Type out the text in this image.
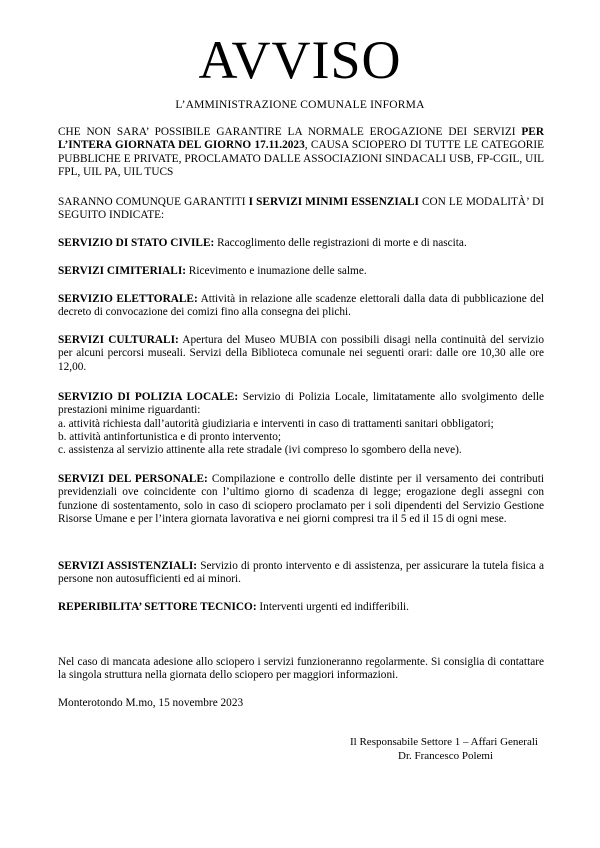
AVVISO
L’AMMINISTRAZIONE COMUNALE INFORMA
CHE NON SARA’ POSSIBILE GARANTIRE LA NORMALE EROGAZIONE DEI SERVIZI PER L’INTERA GIORNATA DEL GIORNO 17.11.2023, CAUSA SCIOPERO DI TUTTE LE CATEGORIE PUBBLICHE E PRIVATE, PROCLAMATO DALLE ASSOCIAZIONI SINDACALI USB, FP-CGIL, UIL FPL, UIL PA, UIL TUCS
SARANNO COMUNQUE GARANTITI I SERVIZI MINIMI ESSENZIALI CON LE MODALITÀ’ DI SEGUITO INDICATE:
SERVIZIO DI STATO CIVILE: Raccoglimento delle registrazioni di morte e di nascita.
SERVIZI CIMITERIALI: Ricevimento e inumazione delle salme.
SERVIZIO ELETTORALE: Attività in relazione alle scadenze elettorali dalla data di pubblicazione del decreto di convocazione dei comizi fino alla consegna dei plichi.
SERVIZI CULTURALI: Apertura del Museo MUBIA con possibili disagi nella continuità del servizio per alcuni percorsi museali. Servizi della Biblioteca comunale nei seguenti orari: dalle ore 10,30 alle ore 12,00.
SERVIZIO DI POLIZIA LOCALE: Servizio di Polizia Locale, limitatamente allo svolgimento delle prestazioni minime riguardanti:
a. attività richiesta dall’autorità giudiziaria e interventi in caso di trattamenti sanitari obbligatori;
b. attività antinfortunistica e di pronto intervento;
c. assistenza al servizio attinente alla rete stradale (ivi compreso lo sgombero della neve).
SERVIZI DEL PERSONALE: Compilazione e controllo delle distinte per il versamento dei contributi previdenziali ove coincidente con l’ultimo giorno di scadenza di legge; erogazione degli assegni con funzione di sostentamento, solo in caso di sciopero proclamato per i soli dipendenti del Servizio Gestione Risorse Umane e per l’intera giornata lavorativa e nei giorni compresi tra il 5 ed il 15 di ogni mese.
SERVIZI ASSISTENZIALI: Servizio di pronto intervento e di assistenza, per assicurare la tutela fisica a persone non autosufficienti ed ai minori.
REPERIBILITA’ SETTORE TECNICO: Interventi urgenti ed indifferibili.
Nel caso di mancata adesione allo sciopero i servizi funzioneranno regolarmente. Si consiglia di contattare la singola struttura nella giornata dello sciopero per maggiori informazioni.
Monterotondo M.mo, 15 novembre 2023
Il Responsabile Settore 1 – Affari Generali
Dr. Francesco Polemi
